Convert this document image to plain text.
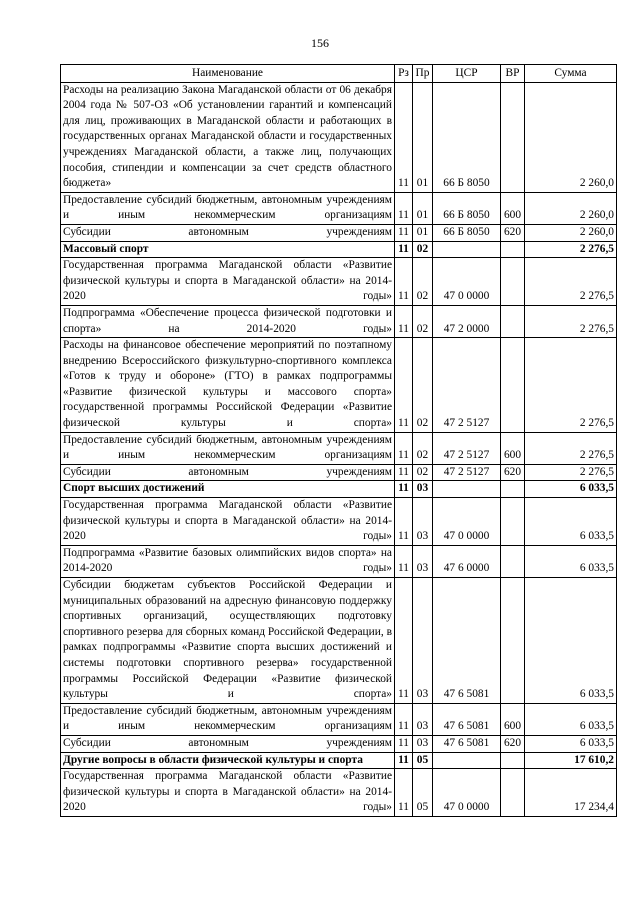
156
Наименование	Рз	Пр	ЦСР	ВР	Сумма
Расходы на реализацию Закона Магаданской области от 06 декабря 2004 года № 507-ОЗ «Об установлении гарантий и компенсаций для лиц, проживающих в Магаданской области и работающих в государственных органах Магаданской области и государственных учреждениях Магаданской области, а также лиц, получающих пособия, стипендии и компенсации за счет средств областного бюджета»	11	01	66 Б 8050		2 260,0
Предоставление субсидий бюджетным, автономным учреждениям и иным некоммерческим организациям	11	01	66 Б 8050	600	2 260,0
Субсидии автономным учреждениям	11	01	66 Б 8050	620	2 260,0
Массовый спорт	11	02			2 276,5
Государственная программа Магаданской области «Развитие физической культуры и спорта в Магаданской области» на 2014-2020 годы»	11	02	47 0 0000		2 276,5
Подпрограмма «Обеспечение процесса физической подготовки и спорта» на 2014-2020 годы»	11	02	47 2 0000		2 276,5
Расходы на финансовое обеспечение мероприятий по поэтапному внедрению Всероссийского физкультурно-спортивного комплекса «Готов к труду и обороне» (ГТО) в рамках подпрограммы «Развитие физической культуры и массового спорта» государственной программы Российской Федерации «Развитие физической культуры и спорта»	11	02	47 2 5127		2 276,5
Предоставление субсидий бюджетным, автономным учреждениям и иным некоммерческим организациям	11	02	47 2 5127	600	2 276,5
Субсидии автономным учреждениям	11	02	47 2 5127	620	2 276,5
Спорт высших достижений	11	03			6 033,5
Государственная программа Магаданской области «Развитие физической культуры и спорта в Магаданской области» на 2014-2020 годы»	11	03	47 0 0000		6 033,5
Подпрограмма «Развитие базовых олимпийских видов спорта» на 2014-2020 годы»	11	03	47 6 0000		6 033,5
Субсидии бюджетам субъектов Российской Федерации и муниципальных образований на адресную финансовую поддержку спортивных организаций, осуществляющих подготовку спортивного резерва для сборных команд Российской Федерации, в рамках подпрограммы «Развитие спорта высших достижений и системы подготовки спортивного резерва» государственной программы Российской Федерации «Развитие физической культуры и спорта»	11	03	47 6 5081		6 033,5
Предоставление субсидий бюджетным, автономным учреждениям и иным некоммерческим организациям	11	03	47 6 5081	600	6 033,5
Субсидии автономным учреждениям	11	03	47 6 5081	620	6 033,5
Другие вопросы в области физической культуры и спорта	11	05			17 610,2
Государственная программа Магаданской области «Развитие физической культуры и спорта в Магаданской области» на 2014-2020 годы»	11	05	47 0 0000		17 234,4
